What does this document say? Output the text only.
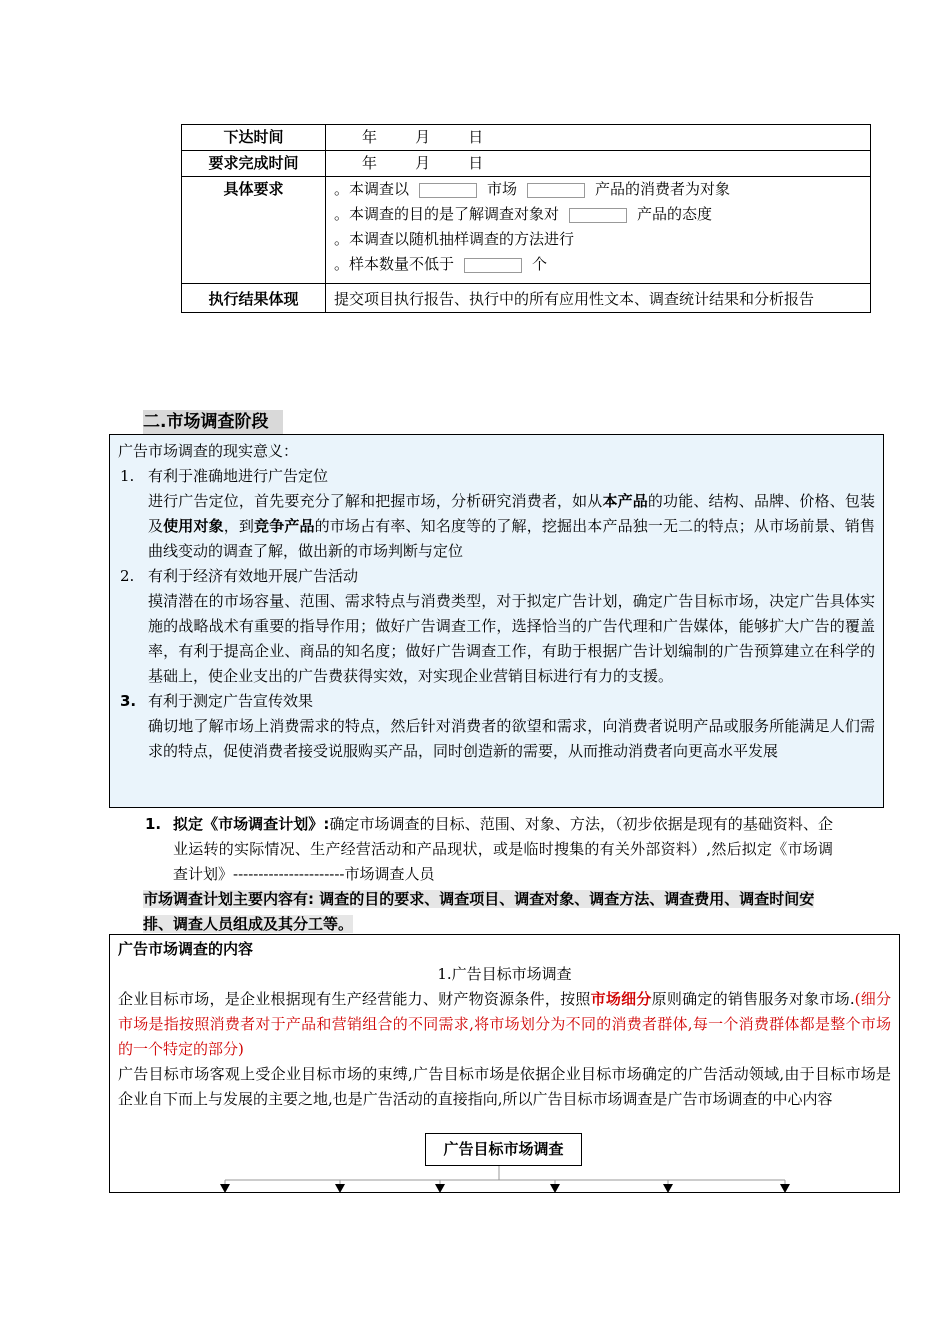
下达时间	年        月        日
要求完成时间	年        月        日
具体要求	。本调查以 市场 产品的消费者为对象
。本调查的目的是了解调查对象对 产品的态度
。本调查以随机抽样调查的方法进行
。样本数量不低于 个

执行结果体现	提交项目执行报告、执行中的所有应用性文本、调查统计结果和分析报告
二.市场调查阶段
广告市场调查的现实意义：
1. 有利于准确地进行广告定位
进行广告定位，首先要充分了解和把握市场，分析研究消费者，如从本产品的功能、结构、品牌、价格、包装及使用对象，到竞争产品的市场占有率、知名度等的了解，挖掘出本产品独一无二的特点；从市场前景、销售曲线变动的调查了解，做出新的市场判断与定位
2. 有利于经济有效地开展广告活动
摸清潜在的市场容量、范围、需求特点与消费类型，对于拟定广告计划，确定广告目标市场，决定广告具体实施的战略战术有重要的指导作用；做好广告调查工作，选择恰当的广告代理和广告媒体，能够扩大广告的覆盖率，有利于提高企业、商品的知名度；做好广告调查工作，有助于根据广告计划编制的广告预算建立在科学的基础上，使企业支出的广告费获得实效，对实现企业营销目标进行有力的支援。
3. 有利于测定广告宣传效果
确切地了解市场上消费需求的特点，然后针对消费者的欲望和需求，向消费者说明产品或服务所能满足人们需求的特点，促使消费者接受说服购买产品，同时创造新的需要，从而推动消费者向更高水平发展
1. 拟定《市场调查计划》:确定市场调查的目标、范围、对象、方法，（初步依据是现有的基础资料、企业运转的实际情况、生产经营活动和产品现状，或是临时搜集的有关外部资料）,然后拟定《市场调查计划》----------------------市场调查人员
市场调查计划主要内容有: 调查的目的要求、调查项目、调查对象、调查方法、调查费用、调查时间安排、调查人员组成及其分工等。
广告市场调查的内容
1.广告目标市场调查

企业目标市场，是企业根据现有生产经营能力、财产物资源条件，按照市场细分原则确定的销售服务对象市场.(细分市场是指按照消费者对于产品和营销组合的不同需求,将市场划分为不同的消费者群体,每一个消费群体都是整个市场的一个特定的部分)

广告目标市场客观上受企业目标市场的束缚,广告目标市场是依据企业目标市场确定的广告活动领域,由于目标市场是企业自下而上与发展的主要之地,也是广告活动的直接指向,所以广告目标市场调查是广告市场调查的中心内容

广告目标市场调查
